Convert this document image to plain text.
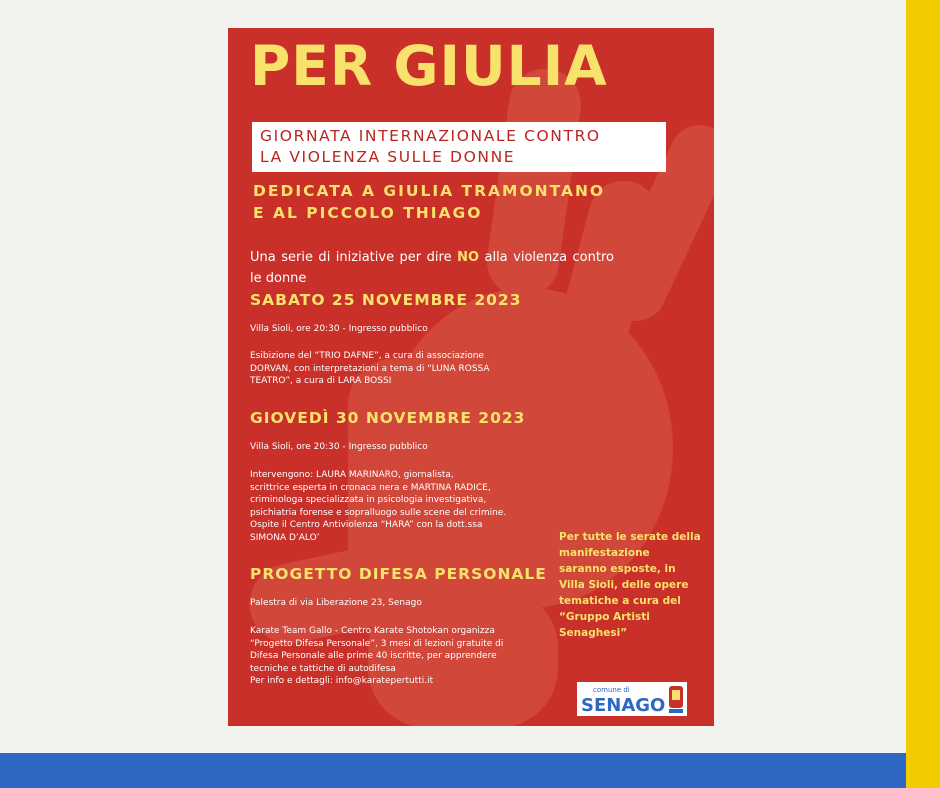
PER GIULIA
GIORNATA INTERNAZIONALE CONTRO
LA VIOLENZA SULLE DONNE
DEDICATA A GIULIA TRAMONTANO
E AL PICCOLO THIAGO
Una serie di iniziative per dire NO alla violenza contro le donne
SABATO 25 NOVEMBRE 2023
Villa Sioli, ore 20:30 - Ingresso pubblico
Esibizione del “TRIO DAFNE”, a cura di associazione
DORVAN, con interpretazioni a tema di “LUNA ROSSA
TEATRO”, a cura di LARA BOSSI
GIOVEDÌ 30 NOVEMBRE 2023
Villa Sioli, ore 20:30 - Ingresso pubblico
Intervengono: LAURA MARINARO, giornalista,
scrittrice esperta in cronaca nera e MARTINA RADICE,
criminologa specializzata in psicologia investigativa,
psichiatria forense e sopralluogo sulle scene del crimine.
Ospite il Centro Antiviolenza “HARA” con la dott.ssa
SIMONA D’ALO’
PROGETTO DIFESA PERSONALE
Palestra di via Liberazione 23, Senago
Karate Team Gallo - Centro Karate Shotokan organizza
“Progetto Difesa Personale”, 3 mesi di lezioni gratuite di
Difesa Personale alle prime 40 iscritte, per apprendere
tecniche e tattiche di autodifesa
Per info e dettagli: info@karatepertutti.it
Per tutte le serate della
manifestazione
saranno esposte, in
Villa Sioli, delle opere
tematiche a cura del
“Gruppo Artisti
Senaghesi”
comune di
SENAGO
